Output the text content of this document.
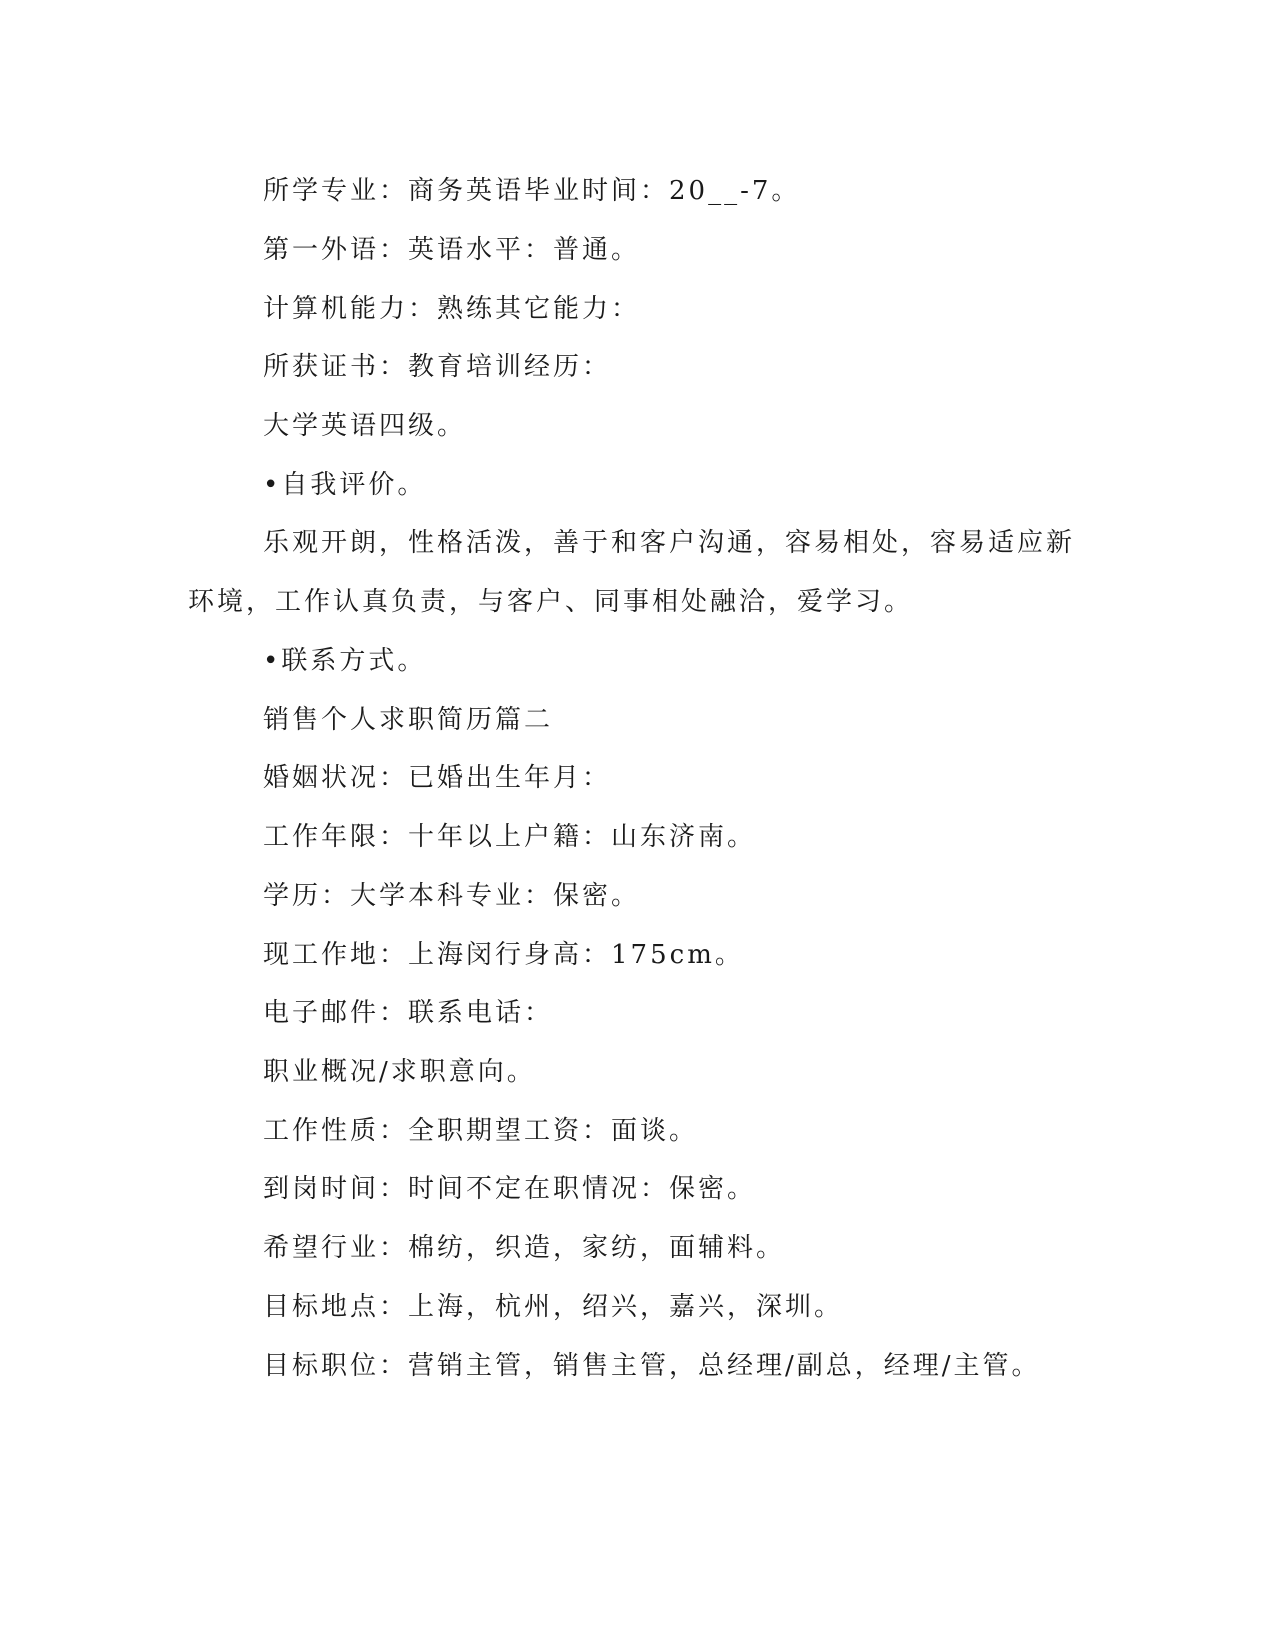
所学专业：商务英语毕业时间：20__-7。
第一外语：英语水平：普通。
计算机能力：熟练其它能力：
所获证书：教育培训经历：
大学英语四级。
•自我评价。
乐观开朗，性格活泼，善于和客户沟通，容易相处，容易适应新
环境，工作认真负责，与客户、同事相处融洽，爱学习。
•联系方式。
销售个人求职简历篇二
婚姻状况：已婚出生年月：
工作年限：十年以上户籍：山东济南。
学历：大学本科专业：保密。
现工作地：上海闵行身高：175cm。
电子邮件：联系电话：
职业概况/求职意向。
工作性质：全职期望工资：面谈。
到岗时间：时间不定在职情况：保密。
希望行业：棉纺，织造，家纺，面辅料。
目标地点：上海，杭州，绍兴，嘉兴，深圳。
目标职位：营销主管，销售主管，总经理/副总，经理/主管。
